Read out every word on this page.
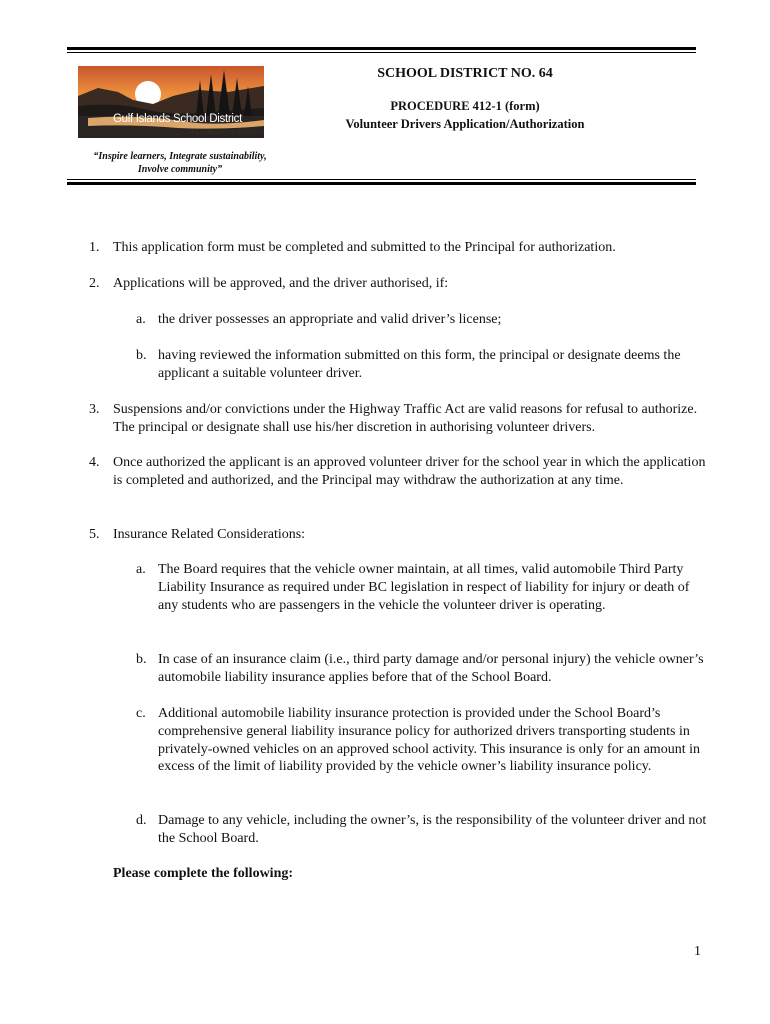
Gulf Islands School District
A Community of Learners
“Inspire learners, Integrate sustainability,
Involve community”
SCHOOL DISTRICT NO. 64
PROCEDURE 412-1 (form)
Volunteer Drivers Application/Authorization
1. This application form must be completed and submitted to the Principal for authorization.
2. Applications will be approved, and the driver authorised, if:
a. the driver possesses an appropriate and valid driver’s license;
b. having reviewed the information submitted on this form, the principal or designate deems the applicant a suitable volunteer driver.
3. Suspensions and/or convictions under the Highway Traffic Act are valid reasons for refusal to authorize. The principal or designate shall use his/her discretion in authorising volunteer drivers.
4. Once authorized the applicant is an approved volunteer driver for the school year in which the application is completed and authorized, and the Principal may withdraw the authorization at any time.
5. Insurance Related Considerations:
a. The Board requires that the vehicle owner maintain, at all times, valid automobile Third Party Liability Insurance as required under BC legislation in respect of liability for injury or death of any students who are passengers in the vehicle the volunteer driver is operating.
b. In case of an insurance claim (i.e., third party damage and/or personal injury) the vehicle owner’s automobile liability insurance applies before that of the School Board.
c. Additional automobile liability insurance protection is provided under the School Board’s comprehensive general liability insurance policy for authorized drivers transporting students in privately-owned vehicles on an approved school activity. This insurance is only for an amount in excess of the limit of liability provided by the vehicle owner’s liability insurance policy.
d. Damage to any vehicle, including the owner’s, is the responsibility of the volunteer driver and not the School Board.
Please complete the following:
1
